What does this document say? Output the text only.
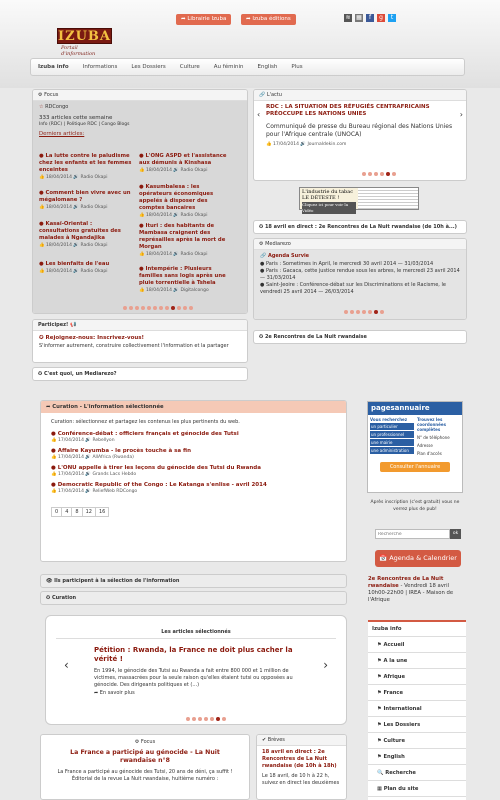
IZUBA
Portail d'information
➦ Librairie Izuba	➦ Izuba éditions	≋ ▦	f	g	t
Izuba info	Informations	Les Dossiers	Culture	Au féminin	English	Plus
⚙ Focus
☆ RDCongo
333 articles cette semaine
Info (RDC) | Politique RDC | Congo Blogs
Derniers articles:
● La lutte contre le paludisme chez les enfants et les femmes enceintes
👍 18/04/2014 🔊 Radio Okapi
● L'ONG ASPD et l'assistance aux démunis à Kinshasa
👍 18/04/2014 🔊 Radio Okapi
● Comment bien vivre avec un mégalomane ?
👍 18/04/2014 🔊 Radio Okapi
● Kasumbalesa : les opérateurs économiques appelés à disposer des comptes bancaires
👍 18/04/2014 🔊 Radio Okapi
● Kasaï-Oriental : consultations gratuites des malades à Ngandajika
👍 18/04/2014 🔊 Radio Okapi
● Ituri : des habitants de Mambasa craignent des représailles après la mort de Morgan
👍 18/04/2014 🔊 Radio Okapi
● Les bienfaits de l'eau
👍 18/04/2014 🔊 Radio Okapi	● Intempérie : Plusieurs familles sans logis après une pluie torrentielle à Tshela
👍 18/04/2014 🔊 Digitalcongo
Participez! 📢
✪ Rejoignez-nous: Inscrivez-vous!
S'informer autrement, construire collectivement l'information et la partager
✪ C'est quoi, un Mediarezo?
🔗 L'actu
‹	›
RDC : LA SITUATION DES RÉFUGIÉS CENTRAFRICAINS PRÉOCCUPE LES NATIONS UNIES
Communiqué de presse du Bureau régional des Nations Unies pour l'Afrique centrale (UNOCA)
👍 17/04/2014 🔊 Journaldekin.com
L'industrie du tabac LE DÉTESTE !
Cliquez ici pour voir la Vidéo
✪ 18 avril en direct : 2e Rencontres de La Nuit rwandaise (de 10h à...)
⚙ Mediarezo
🔗 Agenda Survie
● Paris : Sometimes in April, le mercredi 30 avril 2014 — 31/03/2014
● Paris : Gacaca, cette justice rendue sous les arbres, le mercredi 23 avril 2014 — 31/03/2014
● Saint-Jeoire : Conférence-débat sur les Discriminations et le Racisme, le vendredi 25 avril 2014 — 26/03/2014
✪ 2e Rencontres de La Nuit rwandaise
➦ Curation - L'information sélectionnée
Curation: sélectionnez et partagez les contenus les plus pertinents du web.
● Conférence-débat : officiers français et génocide des Tutsi
👍 17/04/2014 🔊 Rebellyon
● Affaire Kayumba - le procès touche à sa fin
👍 17/04/2014 🔊 AllAfrica (Rwanda)
● L'ONU appelle à tirer les leçons du génocide des Tutsi du Rwanda
👍 17/04/2014 🔊 Grands Lacs Hebdo
● Democratic Republic of the Congo : Le Katanga s'enlise - avril 2014
👍 17/04/2014 🔊 ReliefWeb RDCongo
0	4	8	12	16
👁 Ils participent à la sélection de l'information
✪ Curation
Les articles sélectionnés
‹	›
Pétition : Rwanda, la France ne doit plus cacher la vérité !
En 1994, le génocide des Tutsi au Rwanda a fait entre 800 000 et 1 million de victimes, massacrées pour la seule raison qu'elles étaient tutsi ou opposées au génocide. Des dirigeants politiques et (...)
➦ En savoir plus
⚙ Focus
La France a participé au génocide - La Nuit rwandaise n°8
La France a participé au génocide des Tutsi, 20 ans de déni, ça suffit ! Éditorial de la revue La Nuit rwandaise, huitième numéro :
✔ Brèves
18 avril en direct : 2e Rencontres de La Nuit rwandaise (de 10h à 18h)
Le 18 avril, de 10 h à 22 h, suivez en direct les deuxièmes
pagesannuaire
Vous recherchez
un particulier
un professionnel
une mairie
une administration
Trouvez les coordonnées complètes
N° de téléphone
Adresse
Plan d'accès
Consulter l'annuaire
Après inscription (c'est gratuit) vous ne verrez plus de pub!
Recherche
ok
📅 Agenda & Calendrier
2e Rencontres de La Nuit rwandaise - Vendredi 18 avril 10h00-22h00 | IREA - Maison de l'Afrique
Izuba info
⚑ Accueil
⚑ A la une
⚑ Afrique
⚑ France
⚑ International
⚑ Les Dossiers
⚑ Culture
⚑ English
🔍 Recherche
▦ Plan du site
